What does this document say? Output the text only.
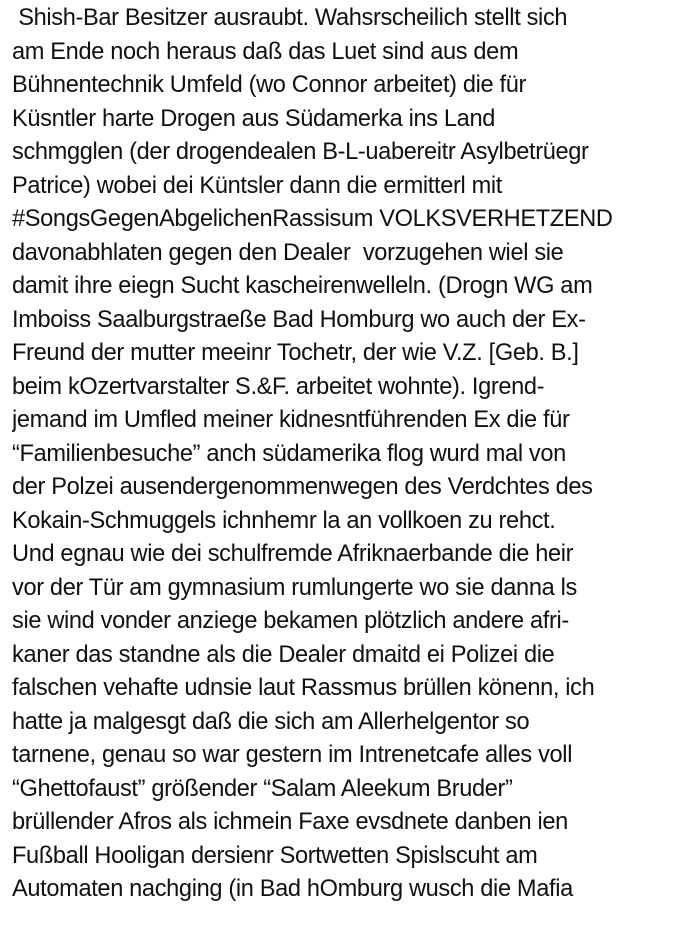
Shish-Bar Besitzer ausraubt. Wahsrscheilich stellt sich
am Ende noch heraus daß das Luet sind aus dem
Bühnentechnik Umfeld (wo Connor arbeitet) die für
Küsntler harte Drogen aus Südamerka ins Land
schmgglen (der drogendealen B-L-uabereitr Asylbetrüegr
Patrice) wobei dei Küntsler dann die ermitterl mit
#SongsGegenAbgelichenRassisum VOLKSVERHETZEND
davonabhlaten gegen den Dealer  vorzugehen wiel sie
damit ihre eiegn Sucht kascheirenwelleln. (Drogn WG am
Imboiss Saalburgstraeße Bad Homburg wo auch der Ex-
Freund der mutter meeinr Tochetr, der wie V.Z. [Geb. B.]
beim kOzertvarstalter S.&F. arbeitet wohnte). Igrend-
jemand im Umfled meiner kidnesntführenden Ex die für
“Familienbesuche” anch südamerika flog wurd mal von
der Polzei ausendergenommenwegen des Verdchtes des
Kokain-Schmuggels ichnhemr la an vollkoen zu rehct.
Und egnau wie dei schulfremde Afriknaerbande die heir
vor der Tür am gymnasium rumlungerte wo sie danna ls
sie wind vonder anziege bekamen plötzlich andere afri-
kaner das standne als die Dealer dmaitd ei Polizei die
falschen vehafte udnsie laut Rassmus brüllen könenn, ich
hatte ja malgesgt daß die sich am Allerhelgentor so
tarnene, genau so war gestern im Intrenetcafe alles voll
“Ghettofaust” größender “Salam Aleekum Bruder”
brüllender Afros als ichmein Faxe evsdnete danben ien
Fußball Hooligan dersienr Sortwetten Spislscuht am
Automaten nachging (in Bad hOmburg wusch die Mafia
